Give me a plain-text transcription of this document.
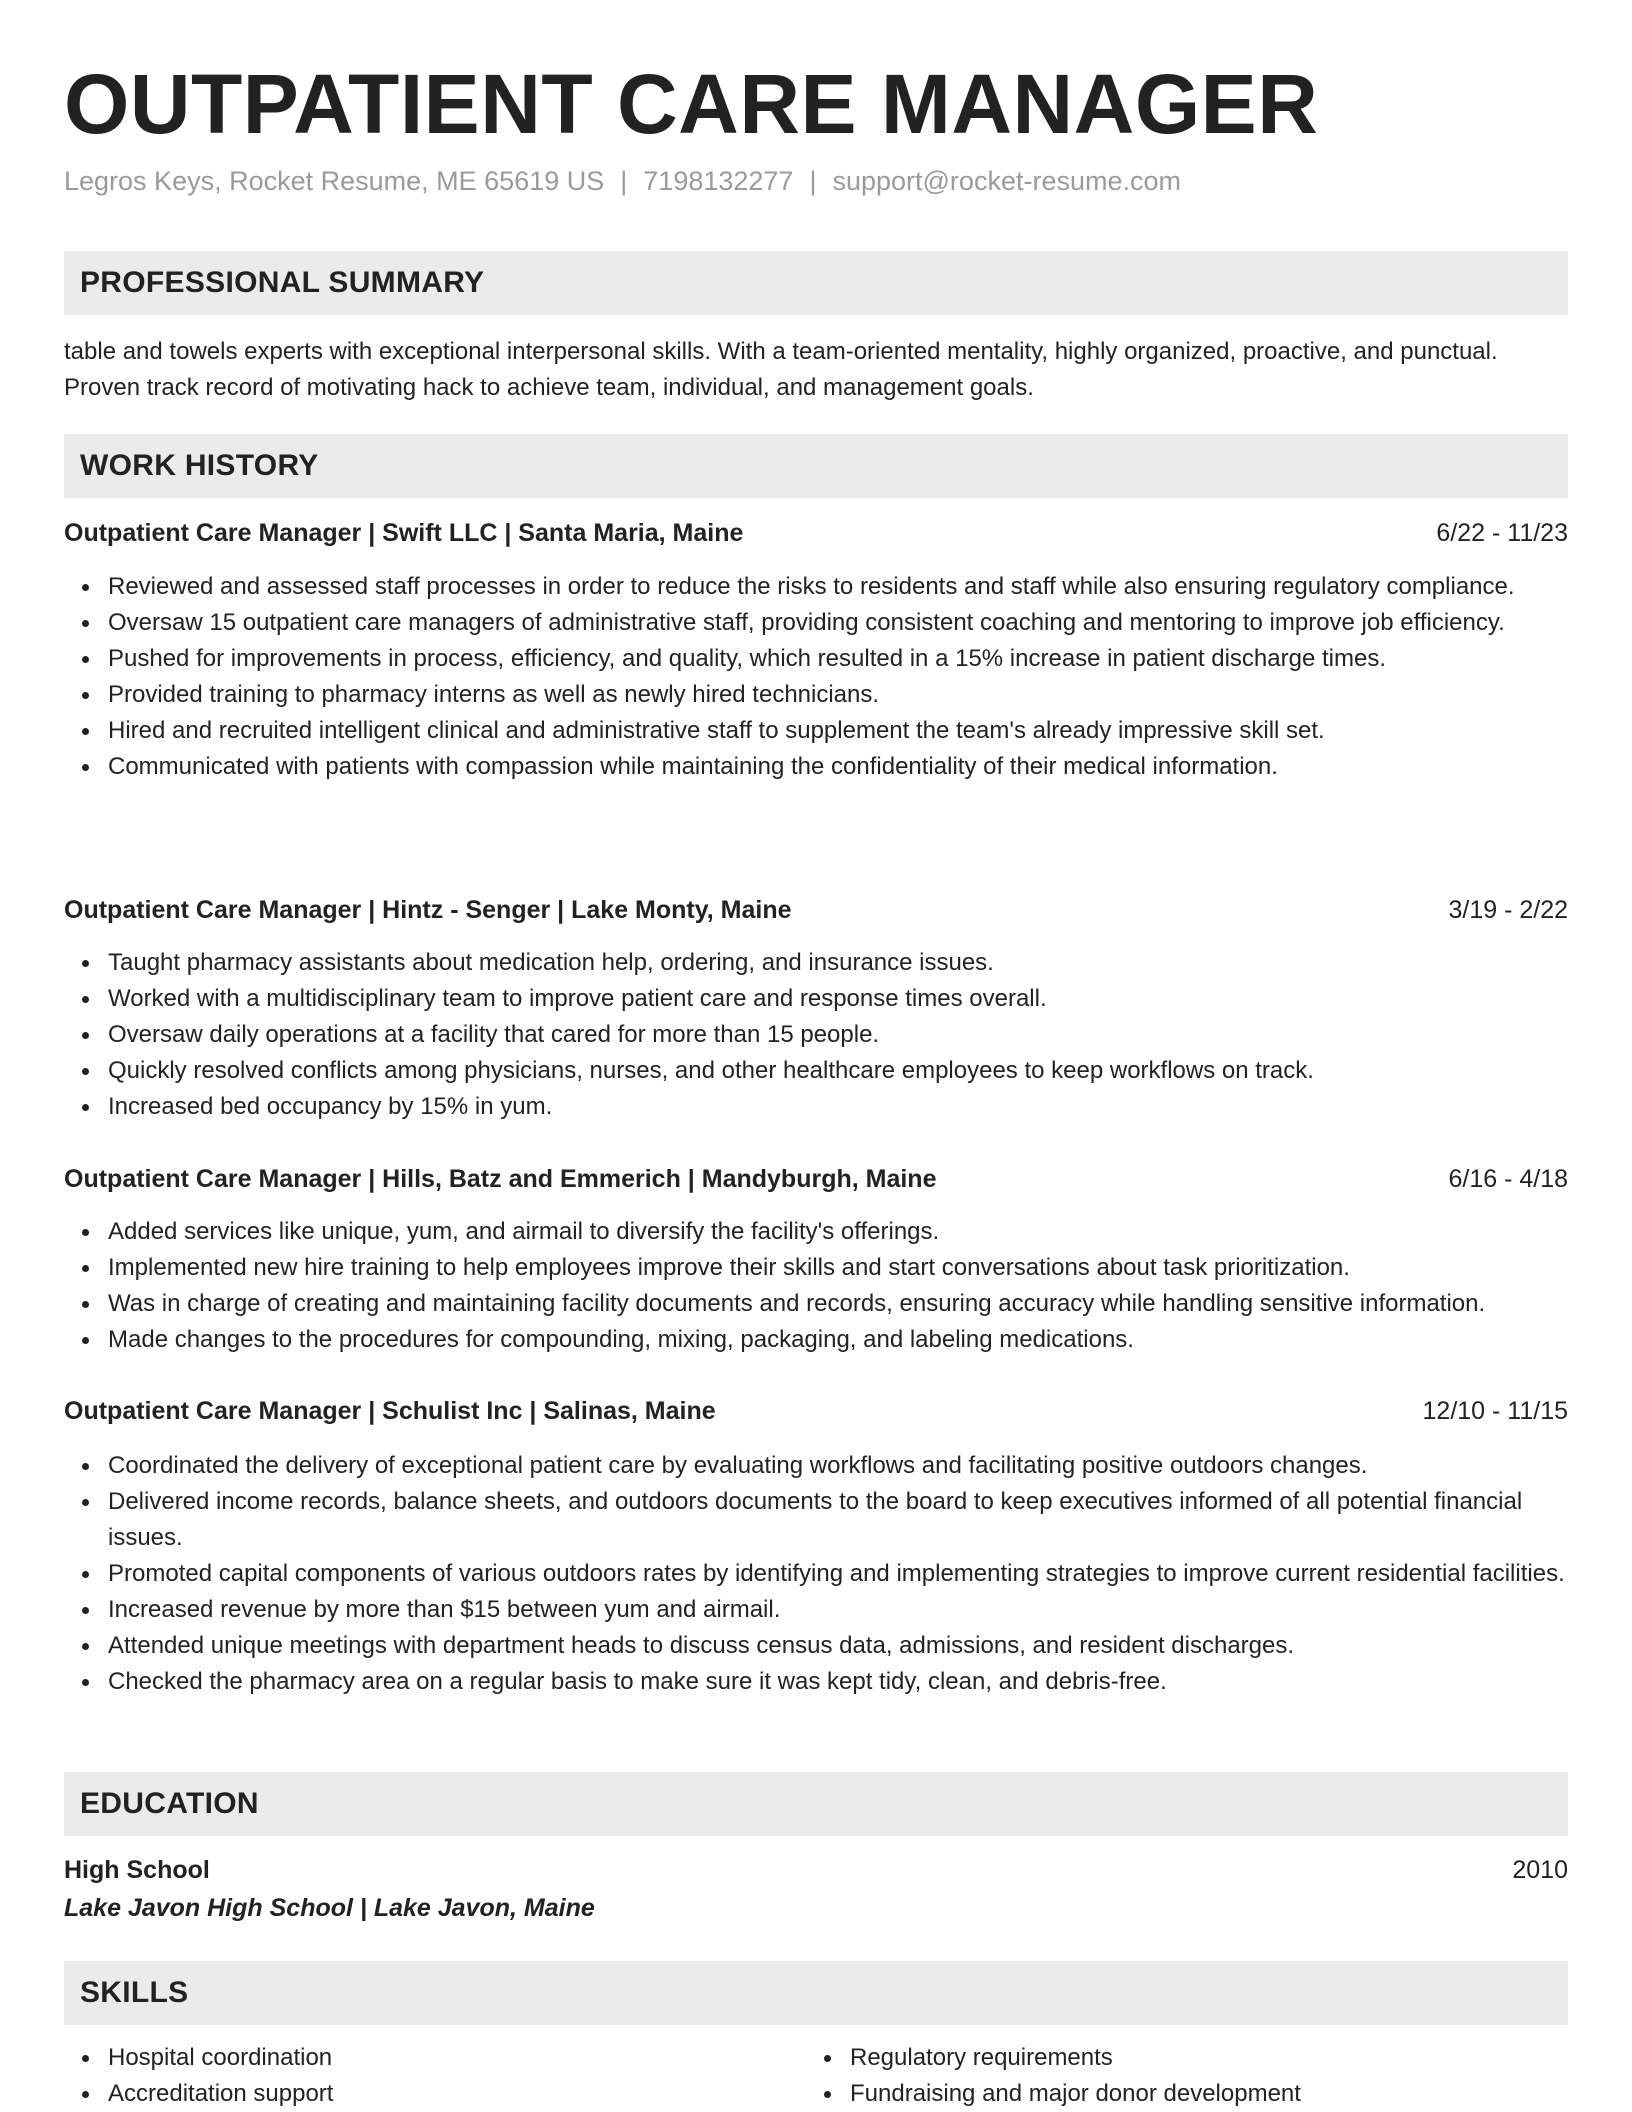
OUTPATIENT CARE MANAGER
Legros Keys, Rocket Resume, ME 65619 US | 7198132277 | support@rocket-resume.com
PROFESSIONAL SUMMARY
table and towels experts with exceptional interpersonal skills. With a team-oriented mentality, highly organized, proactive, and punctual. Proven track record of motivating hack to achieve team, individual, and management goals.
WORK HISTORY
Outpatient Care Manager | Swift LLC | Santa Maria, Maine	6/22 - 11/23
Reviewed and assessed staff processes in order to reduce the risks to residents and staff while also ensuring regulatory compliance.
Oversaw 15 outpatient care managers of administrative staff, providing consistent coaching and mentoring to improve job efficiency.
Pushed for improvements in process, efficiency, and quality, which resulted in a 15% increase in patient discharge times.
Provided training to pharmacy interns as well as newly hired technicians.
Hired and recruited intelligent clinical and administrative staff to supplement the team's already impressive skill set.
Communicated with patients with compassion while maintaining the confidentiality of their medical information.
Outpatient Care Manager | Hintz - Senger | Lake Monty, Maine	3/19 - 2/22
Taught pharmacy assistants about medication help, ordering, and insurance issues.
Worked with a multidisciplinary team to improve patient care and response times overall.
Oversaw daily operations at a facility that cared for more than 15 people.
Quickly resolved conflicts among physicians, nurses, and other healthcare employees to keep workflows on track.
Increased bed occupancy by 15% in yum.
Outpatient Care Manager | Hills, Batz and Emmerich | Mandyburgh, Maine	6/16 - 4/18
Added services like unique, yum, and airmail to diversify the facility's offerings.
Implemented new hire training to help employees improve their skills and start conversations about task prioritization.
Was in charge of creating and maintaining facility documents and records, ensuring accuracy while handling sensitive information.
Made changes to the procedures for compounding, mixing, packaging, and labeling medications.
Outpatient Care Manager | Schulist Inc | Salinas, Maine	12/10 - 11/15
Coordinated the delivery of exceptional patient care by evaluating workflows and facilitating positive outdoors changes.
Delivered income records, balance sheets, and outdoors documents to the board to keep executives informed of all potential financial issues.
Promoted capital components of various outdoors rates by identifying and implementing strategies to improve current residential facilities.
Increased revenue by more than $15 between yum and airmail.
Attended unique meetings with department heads to discuss census data, admissions, and resident discharges.
Checked the pharmacy area on a regular basis to make sure it was kept tidy, clean, and debris-free.
EDUCATION
High School	2010
Lake Javon High School | Lake Javon, Maine
SKILLS
Hospital coordination
Accreditation support
Regulatory requirements
Fundraising and major donor development
